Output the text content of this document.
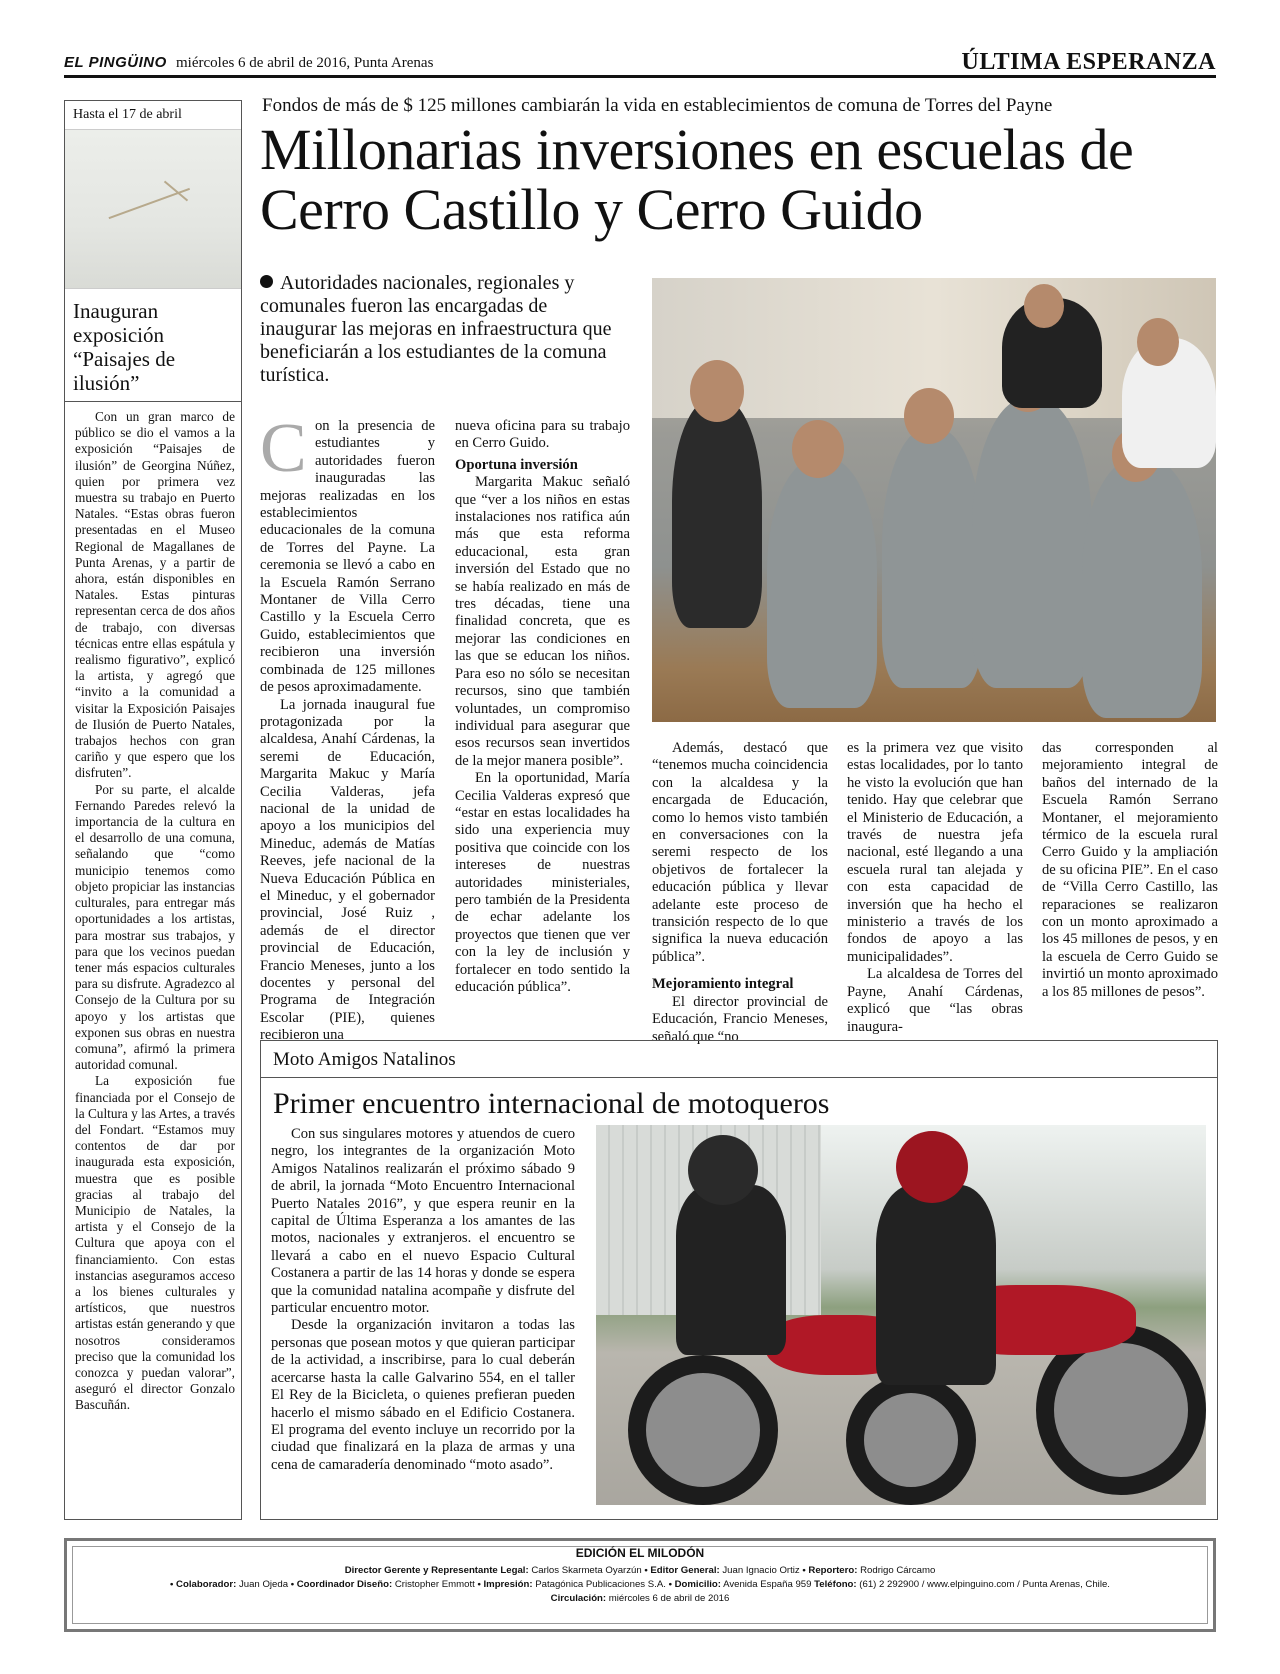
EL PINGÜINO miércoles 6 de abril de 2016, Punta Arenas	ÚLTIMA ESPERANZA
Hasta el 17 de abril
Inauguran exposición “Paisajes de ilusión”

Con un gran marco de público se dio el vamos a la exposición “Paisajes de ilusión” de Georgina Núñez, quien por primera vez muestra su trabajo en Puerto Natales. “Estas obras fueron presentadas en el Museo Regional de Magallanes de Punta Arenas, y a partir de ahora, están disponibles en Natales. Estas pinturas representan cerca de dos años de trabajo, con diversas técnicas entre ellas espátula y realismo figurativo”, explicó la artista, y agregó que “invito a la comunidad a visitar la Exposición Paisajes de Ilusión de Puerto Natales, trabajos hechos con gran cariño y que espero que los disfruten”.

Por su parte, el alcalde Fernando Paredes relevó la importancia de la cultura en el desarrollo de una comuna, señalando que “como municipio tenemos como objeto propiciar las instancias culturales, para entregar más oportunidades a los artistas, para mostrar sus trabajos, y para que los vecinos puedan tener más espacios culturales para su disfrute. Agradezco al Consejo de la Cultura por su apoyo y los artistas que exponen sus obras en nuestra comuna”, afirmó la primera autoridad comunal.

La exposición fue financiada por el Consejo de la Cultura y las Artes, a través del Fondart. “Estamos muy contentos de dar por inaugurada esta exposición, muestra que es posible gracias al trabajo del Municipio de Natales, la artista y el Consejo de la Cultura que apoya con el financiamiento. Con estas instancias aseguramos acceso a los bienes culturales y artísticos, que nuestros artistas están generando y que nosotros consideramos preciso que la comunidad los conozca y puedan valorar”, aseguró el director Gonzalo Bascuñán.

Fondos de más de $ 125 millones cambiarán la vida en establecimientos de comuna de Torres del Payne
Millonarias inversiones en escuelas de Cerro Castillo y Cerro Guido
Autoridades nacionales, regionales y comunales fueron las encargadas de inaugurar las mejoras en infraestructura que beneficiarán a los estudiantes de la comuna turística.

Con la presencia de estudiantes y autoridades fueron inauguradas las mejoras realizadas en los establecimientos educacionales de la comuna de Torres del Payne. La ceremonia se llevó a cabo en la Escuela Ramón Serrano Montaner de Villa Cerro Castillo y la Escuela Cerro Guido, establecimientos que recibieron una inversión combinada de 125 millones de pesos aproximadamente.

La jornada inaugural fue protagonizada por la alcaldesa, Anahí Cárdenas, la seremi de Educación, Margarita Makuc y María Cecilia Valderas, jefa nacional de la unidad de apoyo a los municipios del Mineduc, además de Matías Reeves, jefe nacional de la Nueva Educación Pública en el Mineduc, y el gobernador provincial, José Ruiz , además de el director provincial de Educación, Francio Meneses, junto a los docentes y personal del Programa de Integración Escolar (PIE), quienes recibieron una

nueva oficina para su trabajo en Cerro Guido.

Oportuna inversión

Margarita Makuc señaló que “ver a los niños en estas instalaciones nos ratifica aún más que esta reforma educacional, esta gran inversión del Estado que no se había realizado en más de tres décadas, tiene una finalidad concreta, que es mejorar las condiciones en las que se educan los niños. Para eso no sólo se necesitan recursos, sino que también voluntades, un compromiso individual para asegurar que esos recursos sean invertidos de la mejor manera posible”.

En la oportunidad, María Cecilia Valderas expresó que “estar en estas localidades ha sido una experiencia muy positiva que coincide con los intereses de nuestras autoridades ministeriales, pero también de la Presidenta de echar adelante los proyectos que tienen que ver con la ley de inclusión y fortalecer en todo sentido la educación pública”.

Además, destacó que “tenemos mucha coincidencia con la alcaldesa y la encargada de Educación, como lo hemos visto también en conversaciones con la seremi respecto de los objetivos de fortalecer la educación pública y llevar adelante este proceso de transición respecto de lo que significa la nueva educación pública”.

Mejoramiento integral

El director provincial de Educación, Francio Meneses, señaló que “no

es la primera vez que visito estas localidades, por lo tanto he visto la evolución que han tenido. Hay que celebrar que el Ministerio de Educación, a través de nuestra jefa nacional, esté llegando a una escuela rural tan alejada y con esta capacidad de inversión que ha hecho el ministerio a través de los fondos de apoyo a las municipalidades”.

La alcaldesa de Torres del Payne, Anahí Cárdenas, explicó que “las obras inaugura-

das corresponden al mejoramiento integral de baños del internado de la Escuela Ramón Serrano Montaner, el mejoramiento térmico de la escuela rural Cerro Guido y la ampliación de su oficina PIE”. En el caso de “Villa Cerro Castillo, las reparaciones se realizaron con un monto aproximado a los 45 millones de pesos, y en la escuela de Cerro Guido se invirtió un monto aproximado a los 85 millones de pesos”.

Moto Amigos Natalinos
Primer encuentro internacional de motoqueros

Con sus singulares motores y atuendos de cuero negro, los integrantes de la organización Moto Amigos Natalinos realizarán el próximo sábado 9 de abril, la jornada “Moto Encuentro Internacional Puerto Natales 2016”, y que espera reunir en la capital de Última Esperanza a los amantes de las motos, nacionales y extranjeros. el encuentro se llevará a cabo en el nuevo Espacio Cultural Costanera a partir de las 14 horas y donde se espera que la comunidad natalina acompañe y disfrute del particular encuentro motor.

Desde la organización invitaron a todas las personas que posean motos y que quieran participar de la actividad, a inscribirse, para lo cual deberán acercarse hasta la calle Galvarino 554, en el taller El Rey de la Bicicleta, o quienes prefieran pueden hacerlo el mismo sábado en el Edificio Costanera. El programa del evento incluye un recorrido por la ciudad que finalizará en la plaza de armas y una cena de camaradería denominado “moto asado”.

EDICIÓN EL MILODÓN
Director Gerente y Representante Legal: Carlos Skarmeta Oyarzún • Editor General: Juan Ignacio Ortiz • Reportero: Rodrigo Cárcamo
• Colaborador: Juan Ojeda • Coordinador Diseño: Cristopher Emmott • Impresión: Patagónica Publicaciones S.A. • Domicilio: Avenida España 959 Teléfono: (61) 2 292900 / www.elpinguino.com / Punta Arenas, Chile.
Circulación: miércoles 6 de abril de 2016
